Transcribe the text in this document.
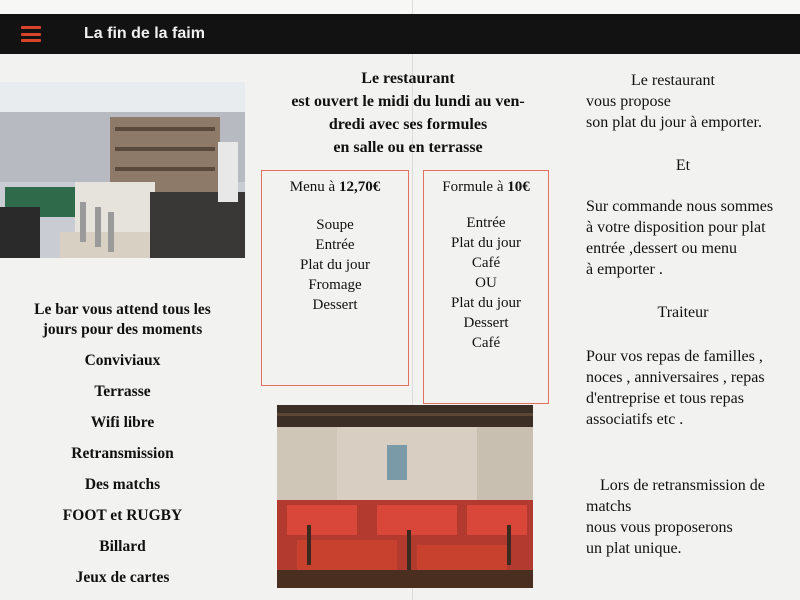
La fin de la faim
Le bar vous attend tous les
jours pour des moments
Conviviaux
Terrasse
Wifi libre
Retransmission
Des matchs
FOOT et RUGBY
Billard
Jeux de cartes
Le restaurant
est ouvert le midi du lundi au ven-
dredi avec ses formules
en salle ou en terrasse
Menu à 12,70€
Soupe
Entrée
Plat du jour
Fromage
Dessert
Formule à 10€
Entrée
Plat du jour
Café
OU
Plat du jour
Dessert
Café
Le restaurant
vous propose
son plat du jour à emporter.
Et
Sur commande nous sommes
à votre disposition pour plat
entrée ,dessert ou menu
à emporter .
Traiteur
Pour vos repas de familles ,
noces , anniversaires , repas
d'entreprise et tous repas
associatifs etc .
Lors de retransmission de
matchs
nous vous proposerons
un plat unique.
